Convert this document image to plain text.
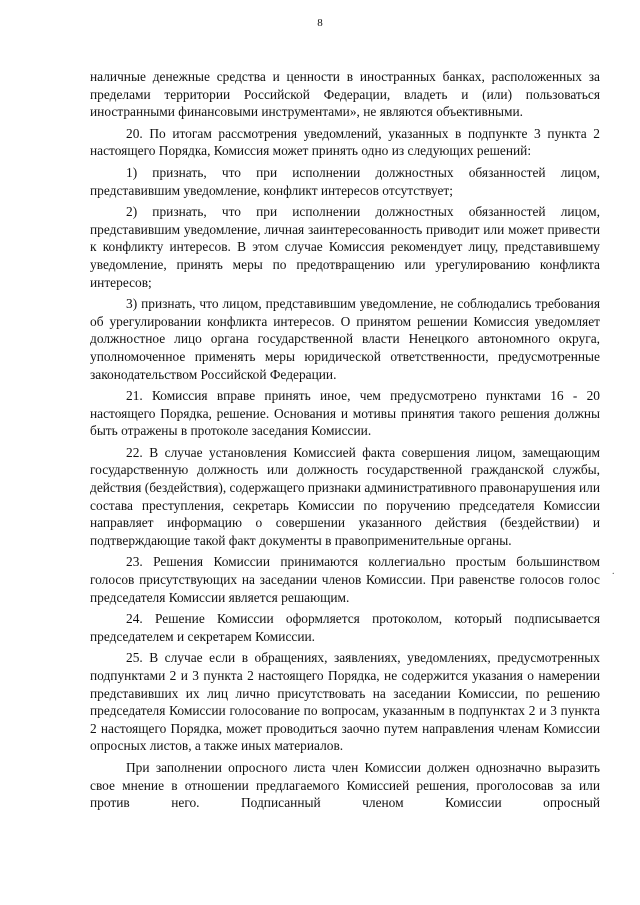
8

наличные денежные средства и ценности в иностранных банках, расположенных за пределами территории Российской Федерации, владеть и (или) пользоваться иностранными финансовыми инструментами», не являются объективными.

20. По итогам рассмотрения уведомлений, указанных в подпункте 3 пункта 2 настоящего Порядка, Комиссия может принять одно из следующих решений:

1) признать, что при исполнении должностных обязанностей лицом, представившим уведомление, конфликт интересов отсутствует;

2) признать, что при исполнении должностных обязанностей лицом, представившим уведомление, личная заинтересованность приводит или может привести к конфликту интересов. В этом случае Комиссия рекомендует лицу, представившему уведомление, принять меры по предотвращению или урегулированию конфликта интересов;

3) признать, что лицом, представившим уведомление, не соблюдались требования об урегулировании конфликта интересов. О принятом решении Комиссия уведомляет должностное лицо органа государственной власти Ненецкого автономного округа, уполномоченное применять меры юридической ответственности, предусмотренные законодательством Российской Федерации.

21. Комиссия вправе принять иное, чем предусмотрено пунктами 16 - 20 настоящего Порядка, решение. Основания и мотивы принятия такого решения должны быть отражены в протоколе заседания Комиссии.

22. В случае установления Комиссией факта совершения лицом, замещающим государственную должность или должность государственной гражданской службы, действия (бездействия), содержащего признаки административного правонарушения или состава преступления, секретарь Комиссии по поручению председателя Комиссии направляет информацию о совершении указанного действия (бездействии) и подтверждающие такой факт документы в правоприменительные органы.

23. Решения Комиссии принимаются коллегиально простым большинством голосов присутствующих на заседании членов Комиссии. При равенстве голосов голос председателя Комиссии является решающим.

24. Решение Комиссии оформляется протоколом, который подписывается председателем и секретарем Комиссии.

25. В случае если в обращениях, заявлениях, уведомлениях, предусмотренных подпунктами 2 и 3 пункта 2 настоящего Порядка, не содержится указания о намерении представивших их лиц лично присутствовать на заседании Комиссии, по решению председателя Комиссии голосование по вопросам, указанным в подпунктах 2 и 3 пункта 2 настоящего Порядка, может проводиться заочно путем направления членам Комиссии опросных листов, а также иных материалов.

При заполнении опросного листа член Комиссии должен однозначно выразить свое мнение в отношении предлагаемого Комиссией решения, проголосовав за или против него. Подписанный членом Комиссии опросный

.
